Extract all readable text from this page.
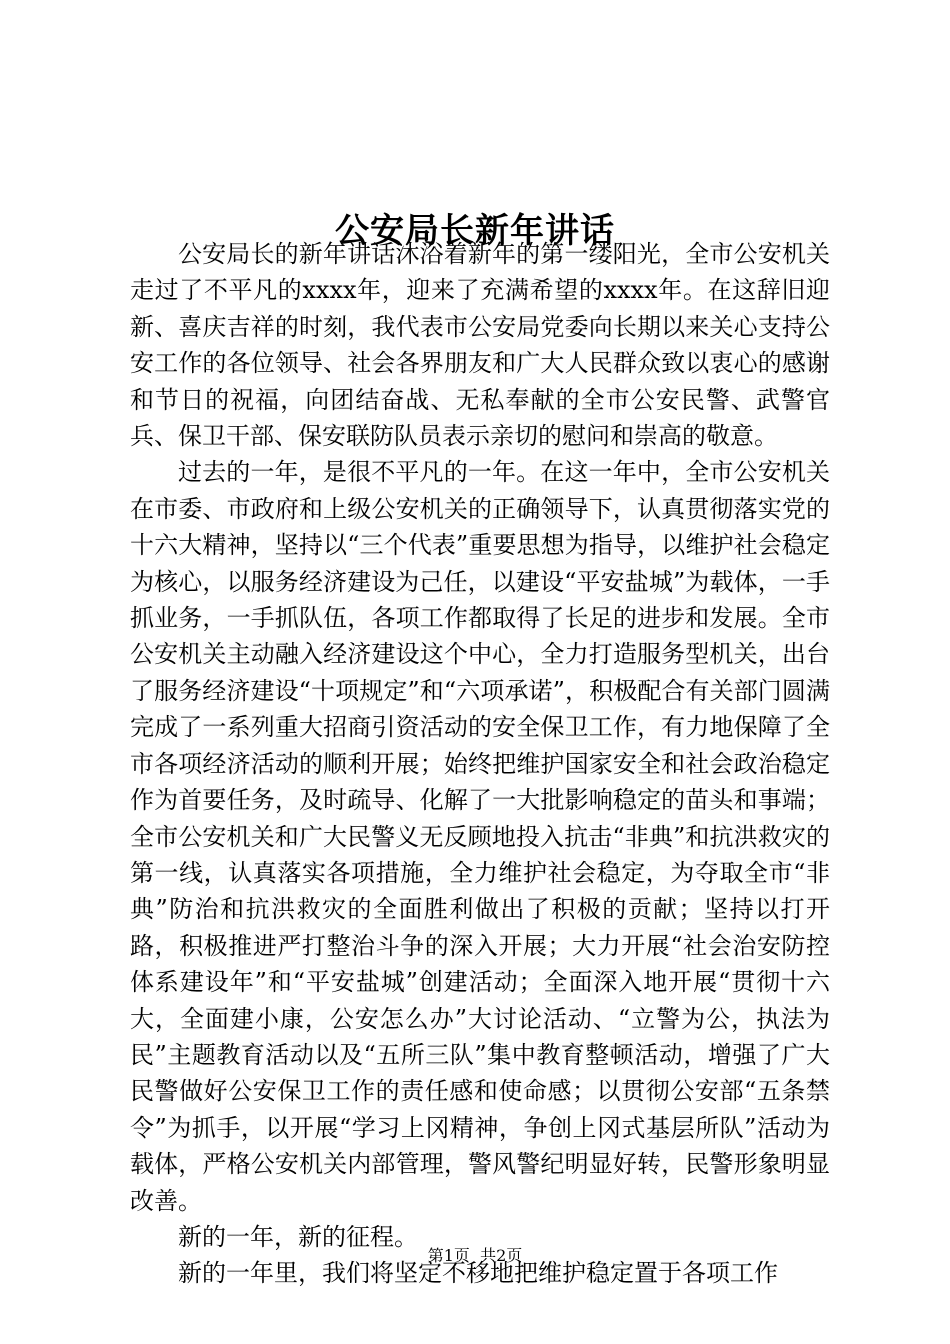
公安局长新年讲话

公安局长的新年讲话沐浴着新年的第一缕阳光，全市公安机关走过了不平凡的xxxx年，迎来了充满希望的xxxx年。在这辞旧迎新、喜庆吉祥的时刻，我代表市公安局党委向长期以来关心支持公安工作的各位领导、社会各界朋友和广大人民群众致以衷心的感谢和节日的祝福，向团结奋战、无私奉献的全市公安民警、武警官兵、保卫干部、保安联防队员表示亲切的慰问和崇高的敬意。

过去的一年，是很不平凡的一年。在这一年中，全市公安机关在市委、市政府和上级公安机关的正确领导下，认真贯彻落实党的十六大精神，坚持以“三个代表”重要思想为指导，以维护社会稳定为核心，以服务经济建设为己任，以建设“平安盐城”为载体，一手抓业务，一手抓队伍，各项工作都取得了长足的进步和发展。全市公安机关主动融入经济建设这个中心，全力打造服务型机关，出台了服务经济建设“十项规定”和“六项承诺”，积极配合有关部门圆满完成了一系列重大招商引资活动的安全保卫工作，有力地保障了全市各项经济活动的顺利开展；始终把维护国家安全和社会政治稳定作为首要任务，及时疏导、化解了一大批影响稳定的苗头和事端；全市公安机关和广大民警义无反顾地投入抗击“非典”和抗洪救灾的第一线，认真落实各项措施，全力维护社会稳定，为夺取全市“非典”防治和抗洪救灾的全面胜利做出了积极的贡献；坚持以打开路，积极推进严打整治斗争的深入开展；大力开展“社会治安防控体系建设年”和“平安盐城”创建活动；全面深入地开展“贯彻十六大，全面建小康，公安怎么办”大讨论活动、“立警为公，执法为民”主题教育活动以及“五所三队”集中教育整顿活动，增强了广大民警做好公安保卫工作的责任感和使命感；以贯彻公安部“五条禁令”为抓手，以开展“学习上冈精神，争创上冈式基层所队”活动为载体，严格公安机关内部管理，警风警纪明显好转，民警形象明显改善。

新的一年，新的征程。

新的一年里，我们将坚定不移地把维护稳定置于各项工作

第1页  共2页
